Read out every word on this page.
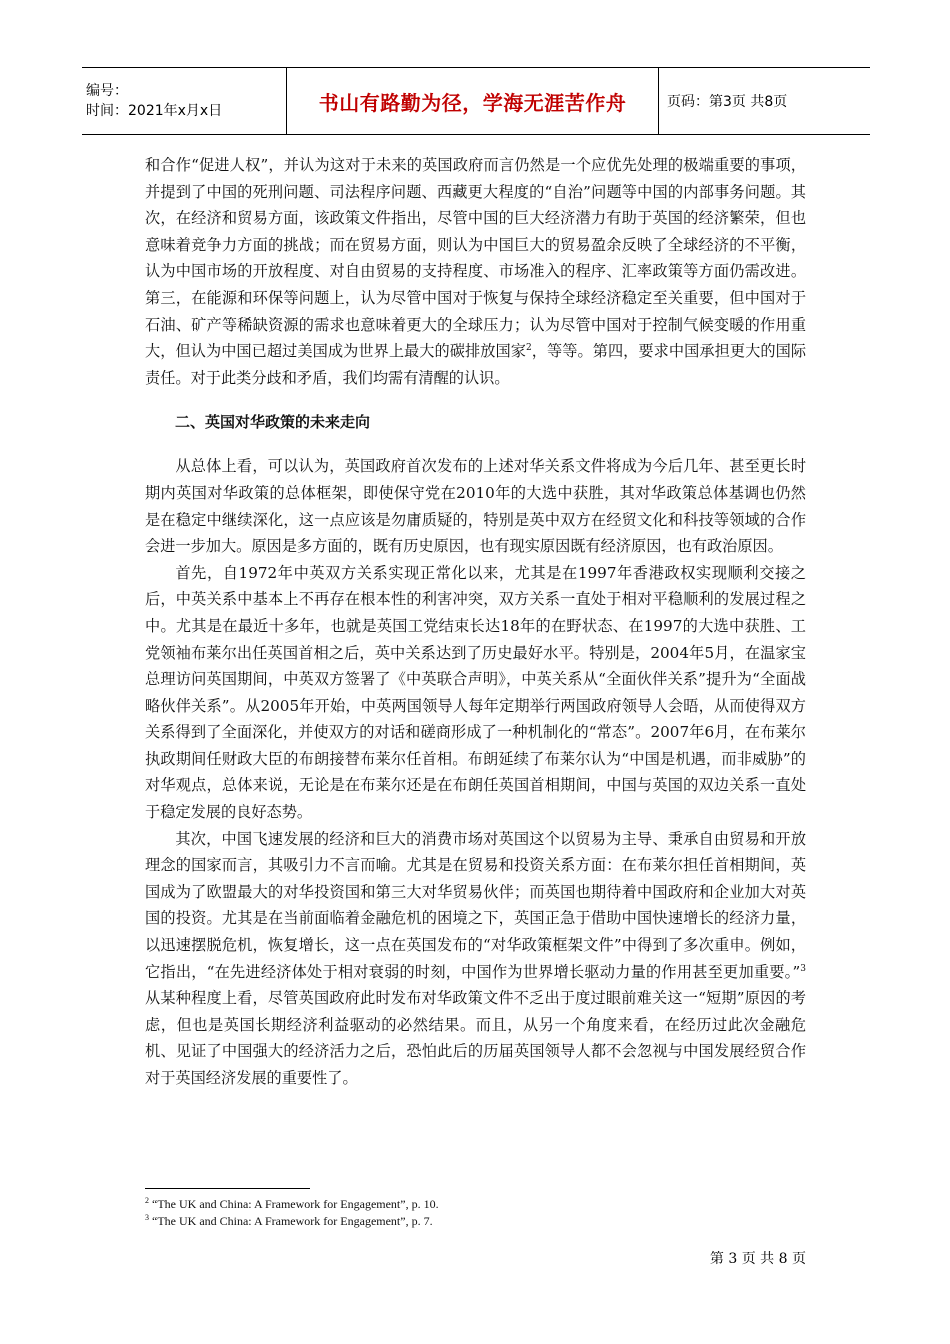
编号：
时间：2021年x月x日	书山有路勤为径，学海无涯苦作舟	页码：第3页 共8页

和合作“促进人权”，并认为这对于未来的英国政府而言仍然是一个应优先处理的极端重要的事项，并提到了中国的死刑问题、司法程序问题、西藏更大程度的“自治”问题等中国的内部事务问题。其次，在经济和贸易方面，该政策文件指出，尽管中国的巨大经济潜力有助于英国的经济繁荣，但也意味着竞争力方面的挑战；而在贸易方面，则认为中国巨大的贸易盈余反映了全球经济的不平衡，认为中国市场的开放程度、对自由贸易的支持程度、市场准入的程序、汇率政策等方面仍需改进。第三，在能源和环保等问题上，认为尽管中国对于恢复与保持全球经济稳定至关重要，但中国对于石油、矿产等稀缺资源的需求也意味着更大的全球压力；认为尽管中国对于控制气候变暖的作用重大，但认为中国已超过美国成为世界上最大的碳排放国家$^2$，等等。第四，要求中国承担更大的国际责任。对于此类分歧和矛盾，我们均需有清醒的认识。

二、英国对华政策的未来走向

从总体上看，可以认为，英国政府首次发布的上述对华关系文件将成为今后几年、甚至更长时期内英国对华政策的总体框架，即使保守党在2010年的大选中获胜，其对华政策总体基调也仍然是在稳定中继续深化，这一点应该是勿庸质疑的，特别是英中双方在经贸文化和科技等领域的合作会进一步加大。原因是多方面的，既有历史原因，也有现实原因既有经济原因，也有政治原因。

首先，自1972年中英双方关系实现正常化以来，尤其是在1997年香港政权实现顺利交接之后，中英关系中基本上不再存在根本性的利害冲突，双方关系一直处于相对平稳顺利的发展过程之中。尤其是在最近十多年，也就是英国工党结束长达18年的在野状态、在1997的大选中获胜、工党领袖布莱尔出任英国首相之后，英中关系达到了历史最好水平。特别是，2004年5月，在温家宝总理访问英国期间，中英双方签署了《中英联合声明》，中英关系从“全面伙伴关系”提升为“全面战略伙伴关系”。从2005年开始，中英两国领导人每年定期举行两国政府领导人会晤，从而使得双方关系得到了全面深化，并使双方的对话和磋商形成了一种机制化的“常态”。2007年6月，在布莱尔执政期间任财政大臣的布朗接替布莱尔任首相。布朗延续了布莱尔认为“中国是机遇，而非威胁”的对华观点，总体来说，无论是在布莱尔还是在布朗任英国首相期间，中国与英国的双边关系一直处于稳定发展的良好态势。

其次，中国飞速发展的经济和巨大的消费市场对英国这个以贸易为主导、秉承自由贸易和开放理念的国家而言，其吸引力不言而喻。尤其是在贸易和投资关系方面：在布莱尔担任首相期间，英国成为了欧盟最大的对华投资国和第三大对华贸易伙伴；而英国也期待着中国政府和企业加大对英国的投资。尤其是在当前面临着金融危机的困境之下，英国正急于借助中国快速增长的经济力量，以迅速摆脱危机，恢复增长，这一点在英国发布的“对华政策框架文件”中得到了多次重申。例如，它指出，“在先进经济体处于相对衰弱的时刻，中国作为世界增长驱动力量的作用甚至更加重要。”$^3$从某种程度上看，尽管英国政府此时发布对华政策文件不乏出于度过眼前难关这一“短期”原因的考虑，但也是英国长期经济利益驱动的必然结果。而且，从另一个角度来看，在经历过此次金融危机、见证了中国强大的经济活力之后，恐怕此后的历届英国领导人都不会忽视与中国发展经贸合作对于英国经济发展的重要性了。

$^2$ “The UK and China: A Framework for Engagement”, p. 10.

$^3$ “The UK and China: A Framework for Engagement”, p. 7.

第 3 页 共 8 页
